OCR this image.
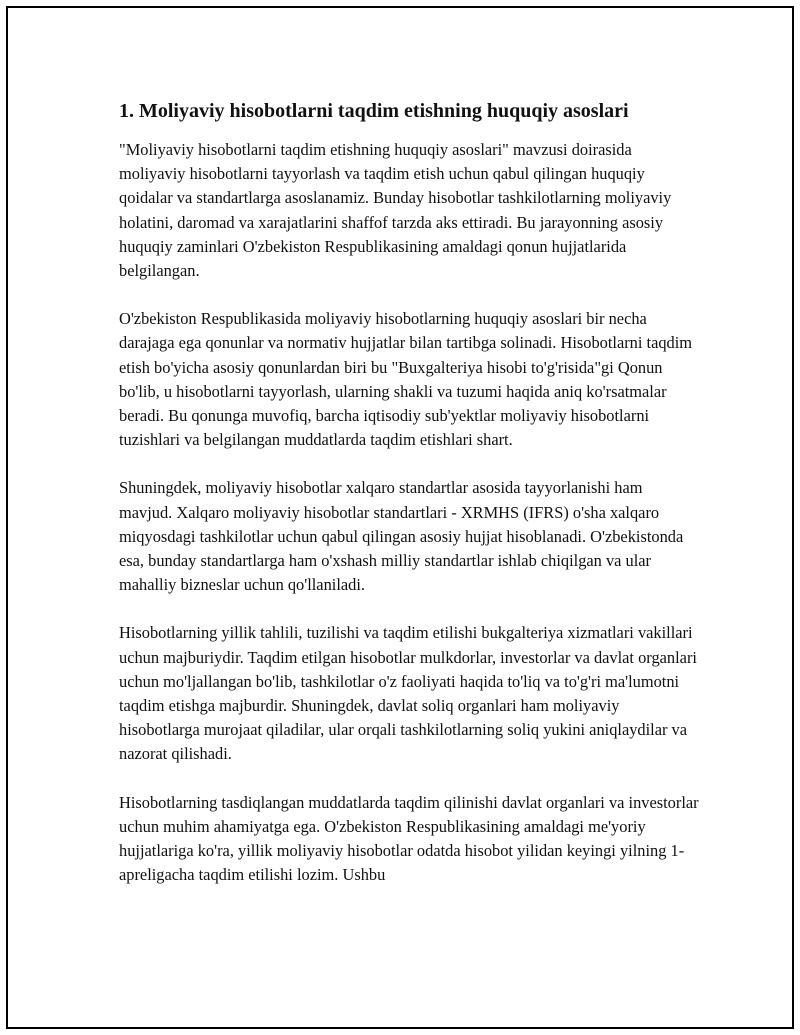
1. Moliyaviy hisobotlarni taqdim etishning huquqiy asoslari

"Moliyaviy hisobotlarni taqdim etishning huquqiy asoslari" mavzusi doirasida moliyaviy hisobotlarni tayyorlash va taqdim etish uchun qabul qilingan huquqiy qoidalar va standartlarga asoslanamiz. Bunday hisobotlar tashkilotlarning moliyaviy holatini, daromad va xarajatlarini shaffof tarzda aks ettiradi. Bu jarayonning asosiy huquqiy zaminlari O'zbekiston Respublikasining amaldagi qonun hujjatlarida belgilangan.

O'zbekiston Respublikasida moliyaviy hisobotlarning huquqiy asoslari bir necha darajaga ega qonunlar va normativ hujjatlar bilan tartibga solinadi. Hisobotlarni taqdim etish bo'yicha asosiy qonunlardan biri bu "Buxgalteriya hisobi to'g'risida"gi Qonun bo'lib, u hisobotlarni tayyorlash, ularning shakli va tuzumi haqida aniq ko'rsatmalar beradi. Bu qonunga muvofiq, barcha iqtisodiy sub'yektlar moliyaviy hisobotlarni tuzishlari va belgilangan muddatlarda taqdim etishlari shart.

Shuningdek, moliyaviy hisobotlar xalqaro standartlar asosida tayyorlanishi ham mavjud. Xalqaro moliyaviy hisobotlar standartlari - XRMHS (IFRS) o'sha xalqaro miqyosdagi tashkilotlar uchun qabul qilingan asosiy hujjat hisoblanadi. O'zbekistonda esa, bunday standartlarga ham o'xshash milliy standartlar ishlab chiqilgan va ular mahalliy bizneslar uchun qo'llaniladi.

Hisobotlarning yillik tahlili, tuzilishi va taqdim etilishi bukgalteriya xizmatlari vakillari uchun majburiydir. Taqdim etilgan hisobotlar mulkdorlar, investorlar va davlat organlari uchun mo'ljallangan bo'lib, tashkilotlar o'z faoliyati haqida to'liq va to'g'ri ma'lumotni taqdim etishga majburdir. Shuningdek, davlat soliq organlari ham moliyaviy hisobotlarga murojaat qiladilar, ular orqali tashkilotlarning soliq yukini aniqlaydilar va nazorat qilishadi.

Hisobotlarning tasdiqlangan muddatlarda taqdim qilinishi davlat organlari va investorlar uchun muhim ahamiyatga ega. O'zbekiston Respublikasining amaldagi me'yoriy hujjatlariga ko'ra, yillik moliyaviy hisobotlar odatda hisobot yilidan keyingi yilning 1-apreligacha taqdim etilishi lozim. Ushbu
